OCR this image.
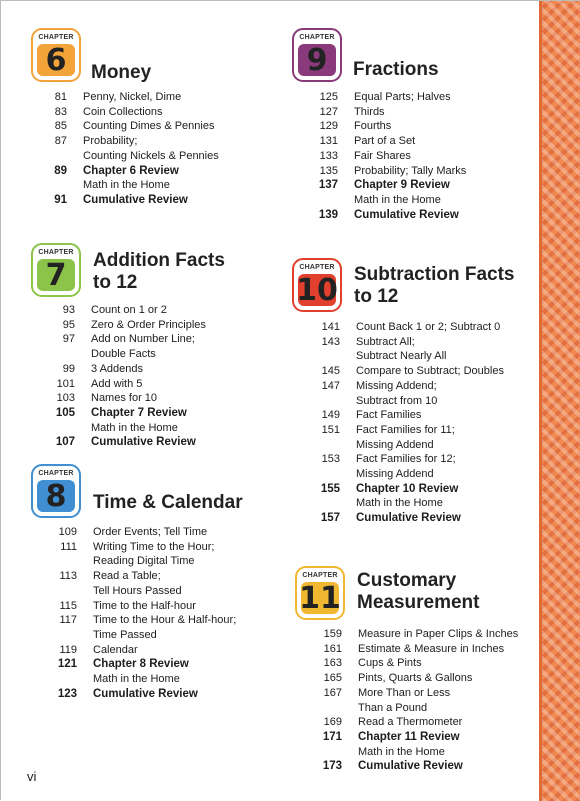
CHAPTER
6	Money
81 Penny, Nickel, Dime
83 Coin Collections
85 Counting Dimes & Pennies
87 Probability;
Counting Nickels & Pennies
89 Chapter 6 Review
Math in the Home
91 Cumulative Review
CHAPTER
7	Addition Facts
to 12
93 Count on 1 or 2
95 Zero & Order Principles
97 Add on Number Line;
Double Facts
99 3 Addends
101 Add with 5
103 Names for 10
105 Chapter 7 Review
Math in the Home
107 Cumulative Review
CHAPTER
8	Time & Calendar
109 Order Events; Tell Time
111 Writing Time to the Hour;
Reading Digital Time
113 Read a Table;
Tell Hours Passed
115 Time to the Half-hour
117 Time to the Hour & Half-hour;
Time Passed
119 Calendar
121 Chapter 8 Review
Math in the Home
123 Cumulative Review
CHAPTER
9	Fractions
125 Equal Parts; Halves
127 Thirds
129 Fourths
131 Part of a Set
133 Fair Shares
135 Probability; Tally Marks
137 Chapter 9 Review
Math in the Home
139 Cumulative Review
CHAPTER
10 Subtraction Facts
to 12
141 Count Back 1 or 2; Subtract 0
143 Subtract All;
Subtract Nearly All
145 Compare to Subtract; Doubles
147 Missing Addend;
Subtract from 10
149 Fact Families
151 Fact Families for 11;
Missing Addend
153 Fact Families for 12;
Missing Addend
155 Chapter 10 Review
Math in the Home
157 Cumulative Review
CHAPTER
11 Customary
Measurement
159 Measure in Paper Clips & Inches
161 Estimate & Measure in Inches
163 Cups & Pints
165 Pints, Quarts & Gallons
167 More Than or Less
Than a Pound
169 Read a Thermometer
171 Chapter 11 Review
Math in the Home
173 Cumulative Review
vi
